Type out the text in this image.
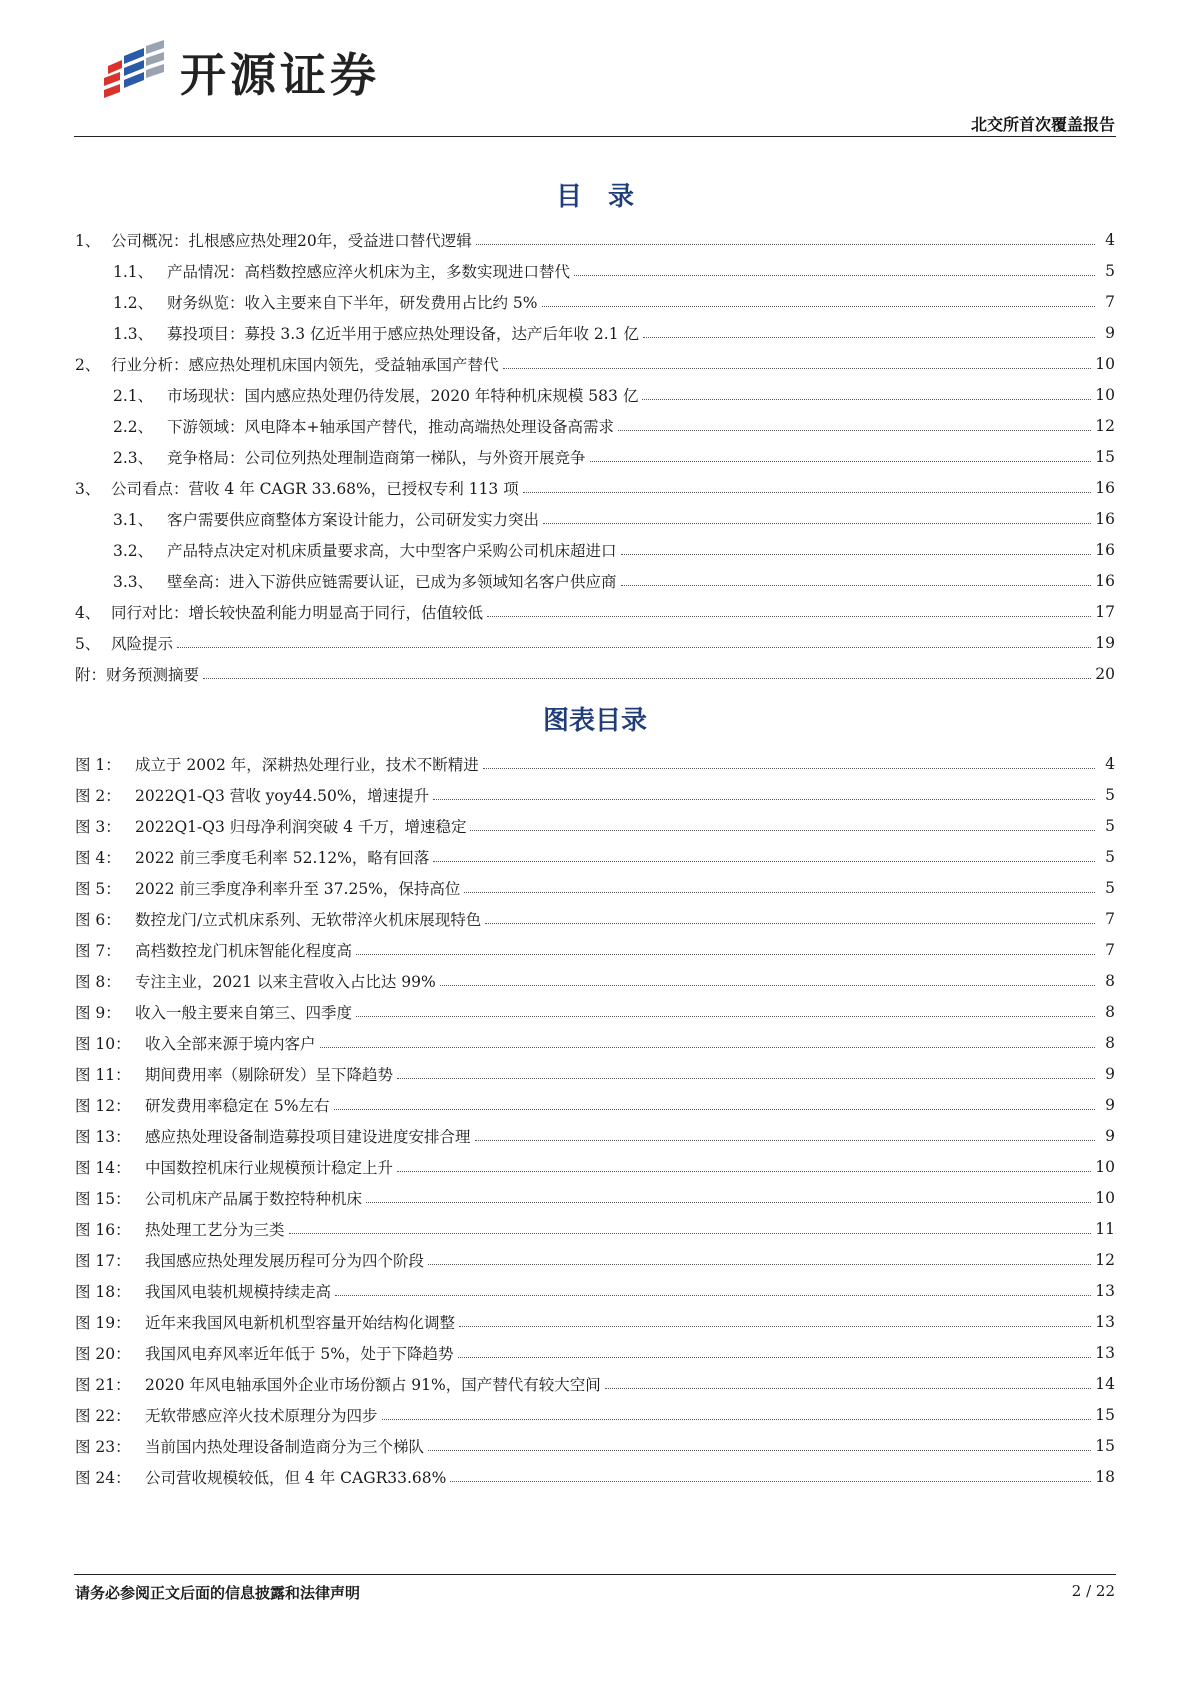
开源证券
北交所首次覆盖报告
目　录
1、 公司概况：扎根感应热处理20年，受益进口替代逻辑	4
1.1、 产品情况：高档数控感应淬火机床为主，多数实现进口替代	5
1.2、 财务纵览：收入主要来自下半年，研发费用占比约 5%	7
1.3、 募投项目：募投 3.3 亿近半用于感应热处理设备，达产后年收 2.1 亿	9
2、 行业分析：感应热处理机床国内领先，受益轴承国产替代	10
2.1、 市场现状：国内感应热处理仍待发展，2020 年特种机床规模 583 亿	10
2.2、 下游领域：风电降本+轴承国产替代，推动高端热处理设备高需求	12
2.3、 竞争格局：公司位列热处理制造商第一梯队，与外资开展竞争	15
3、 公司看点：营收 4 年 CAGR 33.68%，已授权专利 113 项	16
3.1、 客户需要供应商整体方案设计能力，公司研发实力突出	16
3.2、 产品特点决定对机床质量要求高，大中型客户采购公司机床超进口	16
3.3、 壁垒高：进入下游供应链需要认证，已成为多领域知名客户供应商	16
4、 同行对比：增长较快盈利能力明显高于同行，估值较低	17
5、 风险提示	19
附： 财务预测摘要	20
图表目录
图 1： 成立于 2002 年，深耕热处理行业，技术不断精进	4
图 2： 2022Q1-Q3 营收 yoy44.50%，增速提升	5
图 3： 2022Q1-Q3 归母净利润突破 4 千万，增速稳定	5
图 4： 2022 前三季度毛利率 52.12%，略有回落	5
图 5： 2022 前三季度净利率升至 37.25%，保持高位	5
图 6： 数控龙门/立式机床系列、无软带淬火机床展现特色	7
图 7： 高档数控龙门机床智能化程度高	7
图 8： 专注主业，2021 以来主营收入占比达 99%	8
图 9： 收入一般主要来自第三、四季度	8
图 10： 收入全部来源于境内客户	8
图 11： 期间费用率（剔除研发）呈下降趋势	9
图 12： 研发费用率稳定在 5%左右	9
图 13： 感应热处理设备制造募投项目建设进度安排合理	9
图 14： 中国数控机床行业规模预计稳定上升	10
图 15： 公司机床产品属于数控特种机床	10
图 16： 热处理工艺分为三类	11
图 17： 我国感应热处理发展历程可分为四个阶段	12
图 18： 我国风电装机规模持续走高	13
图 19： 近年来我国风电新机机型容量开始结构化调整	13
图 20： 我国风电弃风率近年低于 5%，处于下降趋势	13
图 21： 2020 年风电轴承国外企业市场份额占 91%，国产替代有较大空间	14
图 22： 无软带感应淬火技术原理分为四步	15
图 23： 当前国内热处理设备制造商分为三个梯队	15
图 24： 公司营收规模较低，但 4 年 CAGR33.68%	18
请务必参阅正文后面的信息披露和法律声明	2 / 22
